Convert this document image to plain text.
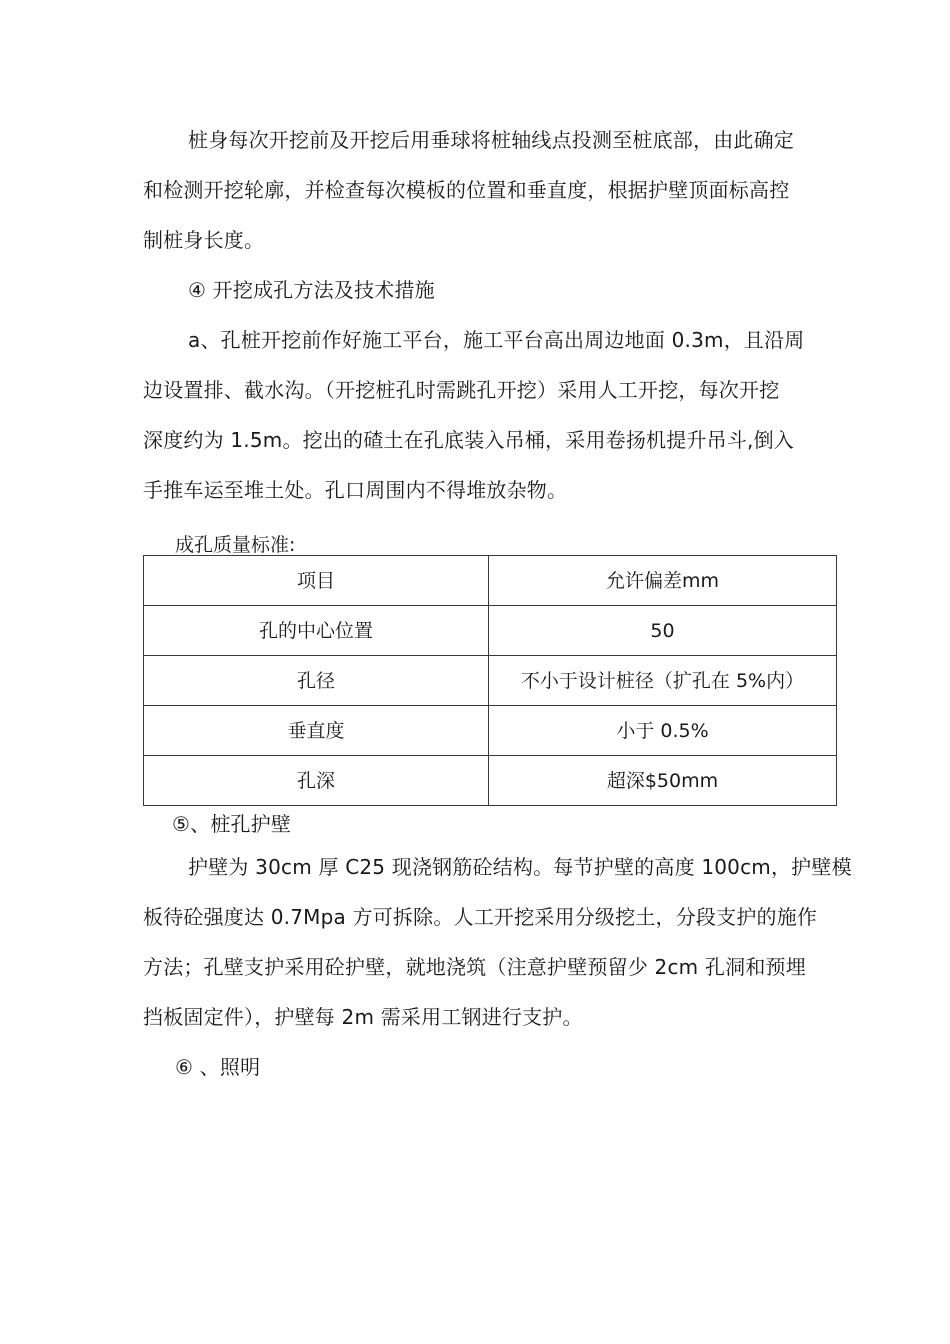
桩身每次开挖前及开挖后用垂球将桩轴线点投测至桩底部，由此确定
和检测开挖轮廓，并检查每次模板的位置和垂直度，根据护壁顶面标高控
制桩身长度。
④ 开挖成孔方法及技术措施
a、孔桩开挖前作好施工平台，施工平台高出周边地面 0.3m，且沿周
边设置排、截水沟。（开挖桩孔时需跳孔开挖）采用人工开挖，每次开挖
深度约为 1.5m。挖出的碴土在孔底装入吊桶，采用卷扬机提升吊斗,倒入
手推车运至堆土处。孔口周围内不得堆放杂物。
成孔质量标准:
项目	允许偏差mm
孔的中心位置	50
孔径	不小于设计桩径（扩孔在 5%内）
垂直度	小于 0.5%
孔深	超深$50mm
⑤、桩孔护壁
护壁为 30cm 厚 C25 现浇钢筋砼结构。每节护壁的高度 100cm，护壁模
板待砼强度达 0.7Mpa 方可拆除。人工开挖采用分级挖土，分段支护的施作
方法；孔壁支护采用砼护壁，就地浇筑（注意护壁预留少 2cm 孔洞和预埋
挡板固定件），护壁每 2m 需采用工钢进行支护。
⑥ 、照明
